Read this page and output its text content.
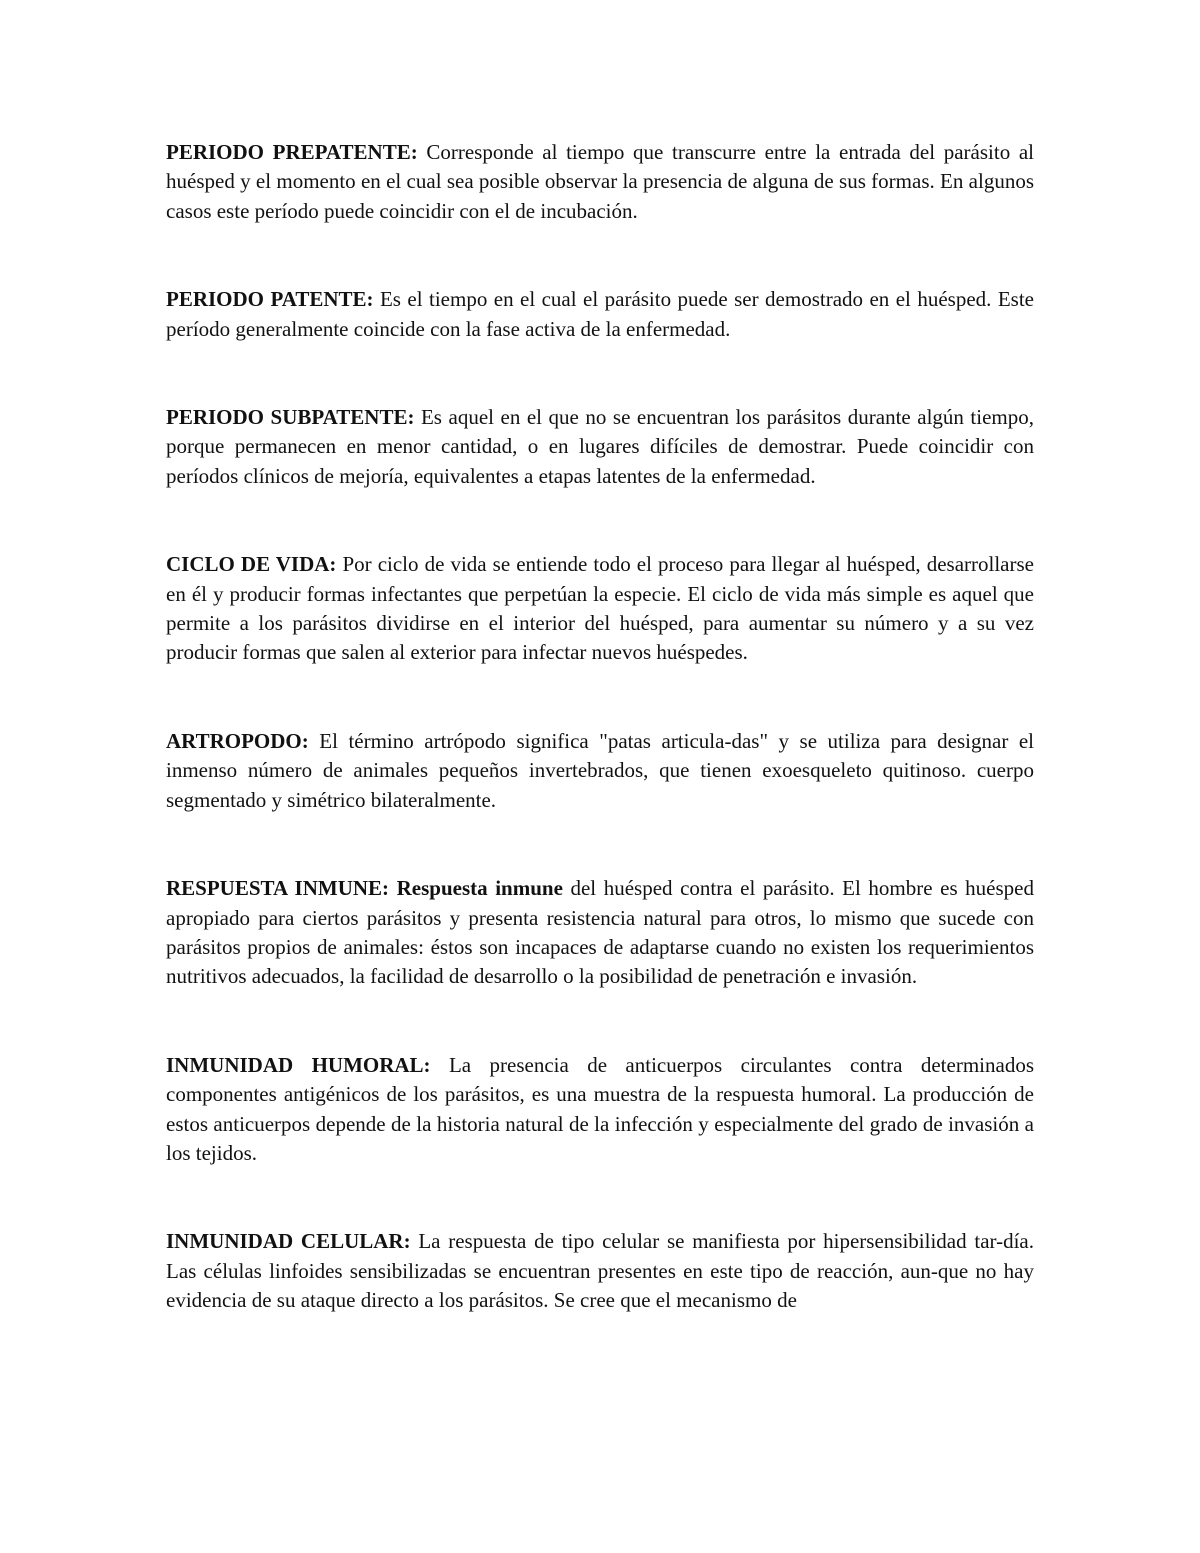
PERIODO PREPATENTE: Corresponde al tiempo que transcurre entre la entrada del parásito al huésped y el momento en el cual sea posible observar la presencia de alguna de sus formas. En algunos casos este período puede coincidir con el de incubación.

PERIODO PATENTE: Es el tiempo en el cual el parásito puede ser demostrado en el huésped. Este período generalmente coincide con la fase activa de la enfermedad.

PERIODO SUBPATENTE: Es aquel en el que no se encuentran los parásitos durante algún tiempo, porque permanecen en menor cantidad, o en lugares difíciles de demostrar. Puede coincidir con períodos clínicos de mejoría, equivalentes a etapas latentes de la enfermedad.

CICLO DE VIDA: Por ciclo de vida se entiende todo el proceso para llegar al huésped, desarrollarse en él y producir formas infectantes que perpetúan la especie. El ciclo de vida más simple es aquel que permite a los parásitos dividirse en el interior del huésped, para aumentar su número y a su vez producir formas que salen al exterior para infectar nuevos huéspedes.

ARTROPODO: El término artrópodo significa "patas articula-das" y se utiliza para designar el inmenso número de animales pequeños invertebrados, que tienen exoesqueleto quitinoso. cuerpo segmentado y simétrico bilateralmente.

RESPUESTA INMUNE: Respuesta inmune del huésped contra el parásito. El hombre es huésped apropiado para ciertos parásitos y presenta resistencia natural para otros, lo mismo que sucede con parásitos propios de animales: éstos son incapaces de adaptarse cuando no existen los requerimientos nutritivos adecuados, la facilidad de desarrollo o la posibilidad de penetración e invasión.

INMUNIDAD HUMORAL: La presencia de anticuerpos circulantes contra determinados componentes antigénicos de los parásitos, es una muestra de la respuesta humoral. La producción de estos anticuerpos depende de la historia natural de la infección y especialmente del grado de invasión a los tejidos.

INMUNIDAD CELULAR: La respuesta de tipo celular se manifiesta por hipersensibilidad tar-día. Las células linfoides sensibilizadas se encuentran presentes en este tipo de reacción, aun-que no hay evidencia de su ataque directo a los parásitos. Se cree que el mecanismo de
